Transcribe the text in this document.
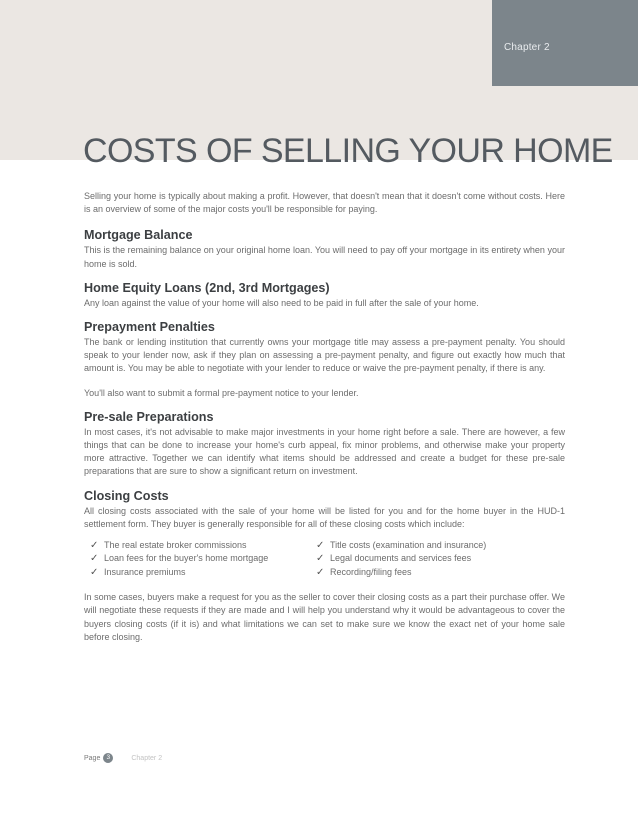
Chapter 2
COSTS OF SELLING YOUR HOME

Selling your home is typically about making a profit. However, that doesn't mean that it doesn't come without costs. Here is an overview of some of the major costs you'll be responsible for paying.

Mortgage Balance

This is the remaining balance on your original home loan. You will need to pay off your mortgage in its entirety when your home is sold.

Home Equity Loans (2nd, 3rd Mortgages)

Any loan against the value of your home will also need to be paid in full after the sale of your home.

Prepayment Penalties

The bank or lending institution that currently owns your mortgage title may assess a pre-payment penalty. You should speak to your lender now, ask if they plan on assessing a pre-payment penalty, and figure out exactly how much that amount is. You may be able to negotiate with your lender to reduce or waive the pre-payment penalty, if there is any.

You'll also want to submit a formal pre-payment notice to your lender.

Pre-sale Preparations

In most cases, it's not advisable to make major investments in your home right before a sale. There are however, a few things that can be done to increase your home's curb appeal, fix minor problems, and otherwise make your property more attractive. Together we can identify what items should be addressed and create a budget for these pre-sale preparations that are sure to show a significant return on investment.

Closing Costs

All closing costs associated with the sale of your home will be listed for you and for the home buyer in the HUD-1 settlement form. They buyer is generally responsible for all of these closing costs which include:

✓ The real estate broker commissions
✓ Loan fees for the buyer's home mortgage
✓ Insurance premiums
✓ Title costs (examination and insurance)
✓ Legal documents and services fees
✓ Recording/filing fees

In some cases, buyers make a request for you as the seller to cover their closing costs as a part their purchase offer. We will negotiate these requests if they are made and I will help you understand why it would be advantageous to cover the buyers closing costs (if it is) and what limitations we can set to make sure we know the exact net of your home sale before closing.

Page 3	Chapter 2
